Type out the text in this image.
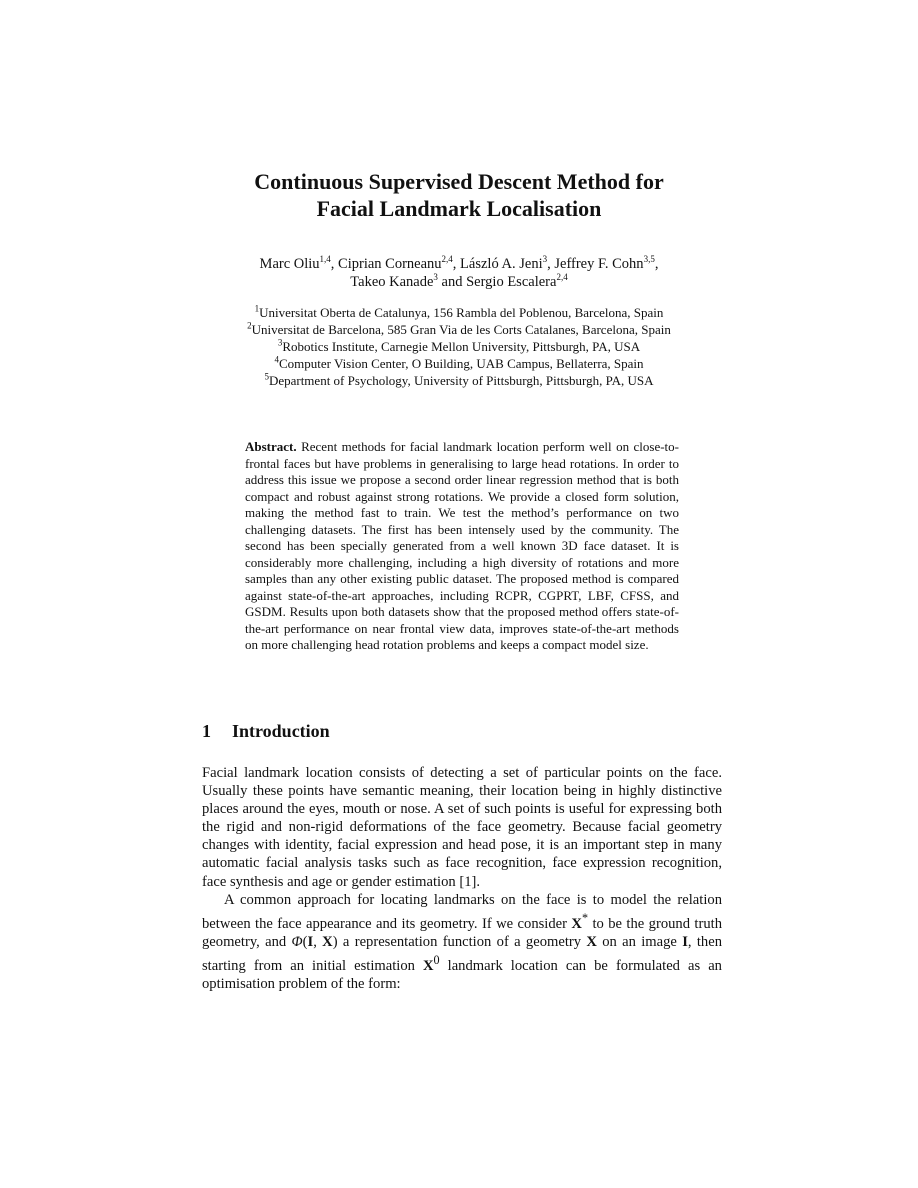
Continuous Supervised Descent Method for
Facial Landmark Localisation
Marc Oliu$^{1,4}$, Ciprian Corneanu$^{2,4}$, László A. Jeni$^3$, Jeffrey F. Cohn$^{3,5}$,
Takeo Kanade$^3$ and Sergio Escalera$^{2,4}$
$^1$Universitat Oberta de Catalunya, 156 Rambla del Poblenou, Barcelona, Spain
$^2$Universitat de Barcelona, 585 Gran Via de les Corts Catalanes, Barcelona, Spain
$^3$Robotics Institute, Carnegie Mellon University, Pittsburgh, PA, USA
$^4$Computer Vision Center, O Building, UAB Campus, Bellaterra, Spain
$^5$Department of Psychology, University of Pittsburgh, Pittsburgh, PA, USA
Abstract. Recent methods for facial landmark location perform well on close-to-frontal faces but have problems in generalising to large head rotations. In order to address this issue we propose a second order linear regression method that is both compact and robust against strong rotations. We provide a closed form solution, making the method fast to train. We test the method’s performance on two challenging datasets. The first has been intensely used by the community. The second has been specially generated from a well known 3D face dataset. It is considerably more challenging, including a high diversity of rotations and more samples than any other existing public dataset. The proposed method is compared against state-of-the-art approaches, including RCPR, CGPRT, LBF, CFSS, and GSDM. Results upon both datasets show that the proposed method offers state-of-the-art performance on near frontal view data, improves state-of-the-art methods on more challenging head rotation problems and keeps a compact model size.
1 Introduction

Facial landmark location consists of detecting a set of particular points on the face. Usually these points have semantic meaning, their location being in highly distinctive places around the eyes, mouth or nose. A set of such points is useful for expressing both the rigid and non-rigid deformations of the face geometry. Because facial geometry changes with identity, facial expression and head pose, it is an important step in many automatic facial analysis tasks such as face recognition, face expression recognition, face synthesis and age or gender estimation [1].

A common approach for locating landmarks on the face is to model the relation between the face appearance and its geometry. If we consider X* to be the ground truth geometry, and Φ(I, X) a representation function of a geometry X on an image I, then starting from an initial estimation $X^0$ landmark location can be formulated as an optimisation problem of the form:
